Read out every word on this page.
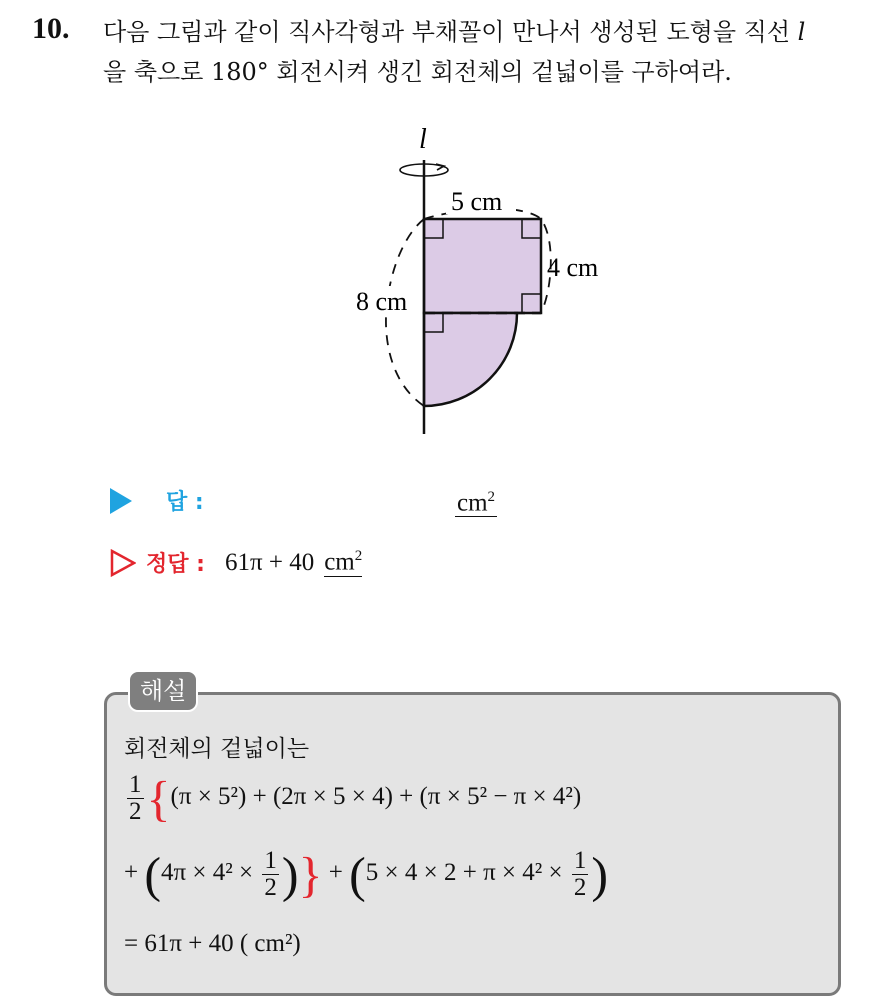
10. 다음 그림과 같이 직사각형과 부채꼴이 만나서 생성된 도형을 직선 l
을 축으로 180° 회전시켜 생긴 회전체의 겉넓이를 구하여라.
l
5 cm
4 cm
8 cm
답 :	$cm^2$
정답 : 61π + 40 $cm^2$
해설
회전체의 겉넓이는
$\frac{1}{2} \{(\pi \times 5^2) + (2\pi \times 5 \times 4) + (\pi \times 5^2 - \pi \times 4^2)$
+ ($4\pi \times 4^2 \times \frac{1}{2}$ )} + ($5 \times 4 \times 2 + \pi \times 4^2 \times \frac{1}{2}$ )
= 61π + 40 ( cm²)
